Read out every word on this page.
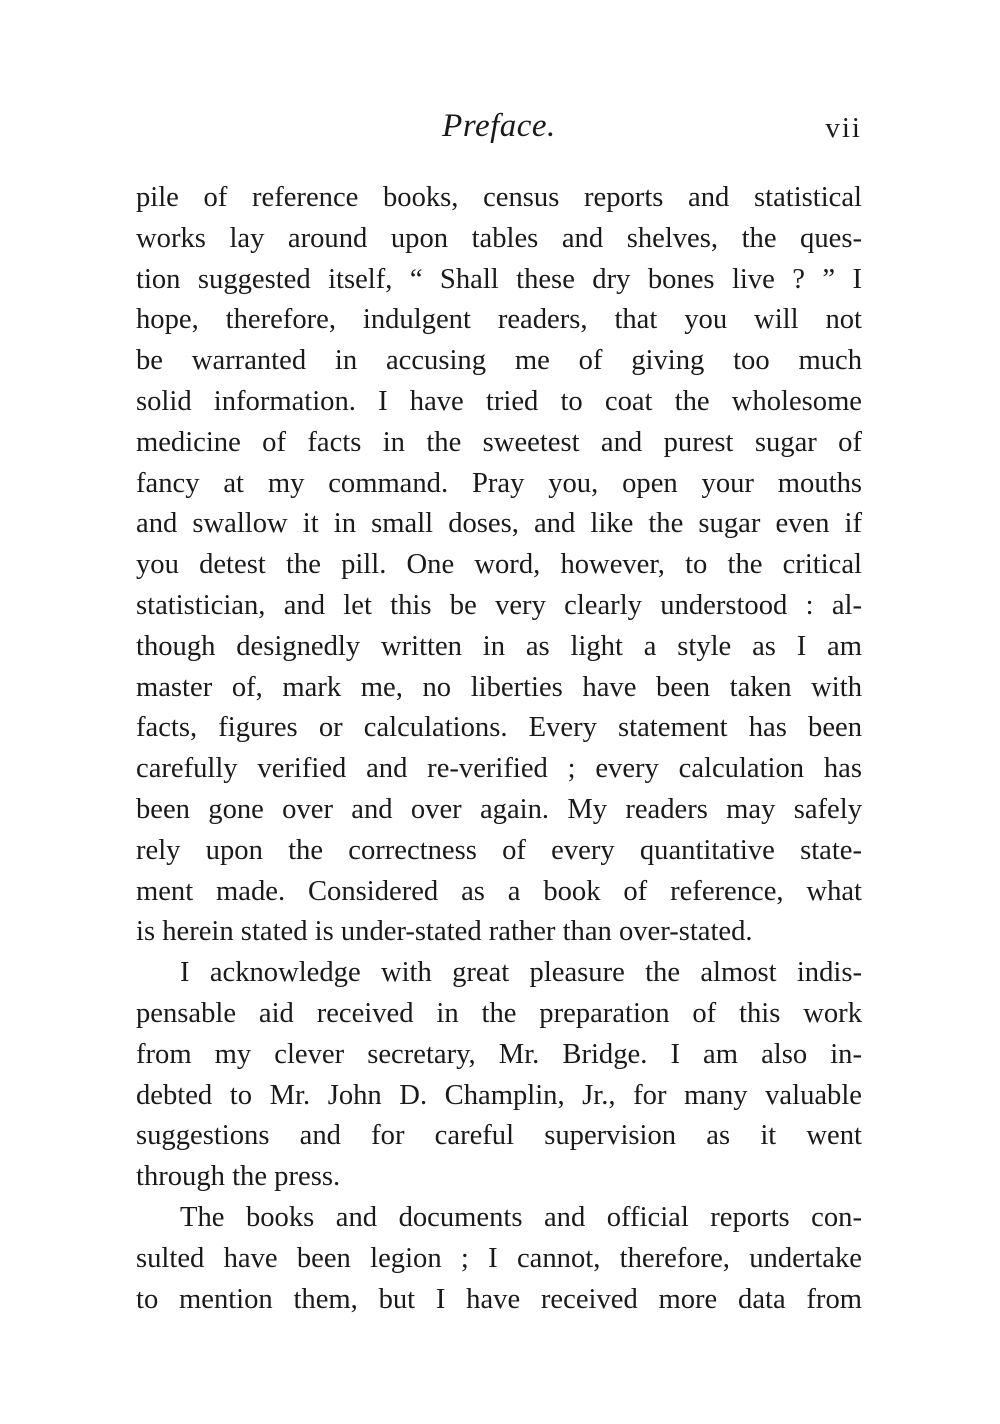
Preface.	vii
pile of reference books, census reports and statistical
works lay around upon tables and shelves, the ques-
tion suggested itself, “ Shall these dry bones live ? ” I
hope, therefore, indulgent readers, that you will not
be warranted in accusing me of giving too much
solid information. I have tried to coat the wholesome
medicine of facts in the sweetest and purest sugar of
fancy at my command. Pray you, open your mouths
and swallow it in small doses, and like the sugar even if
you detest the pill. One word, however, to the critical
statistician, and let this be very clearly understood : al-
though designedly written in as light a style as I am
master of, mark me, no liberties have been taken with
facts, figures or calculations. Every statement has been
carefully verified and re-verified ; every calculation has
been gone over and over again. My readers may safely
rely upon the correctness of every quantitative state-
ment made. Considered as a book of reference, what
is herein stated is under-stated rather than over-stated.
I acknowledge with great pleasure the almost indis-
pensable aid received in the preparation of this work
from my clever secretary, Mr. Bridge. I am also in-
debted to Mr. John D. Champlin, Jr., for many valuable
suggestions and for careful supervision as it went
through the press.
The books and documents and official reports con-
sulted have been legion ; I cannot, therefore, undertake
to mention them, but I have received more data from
